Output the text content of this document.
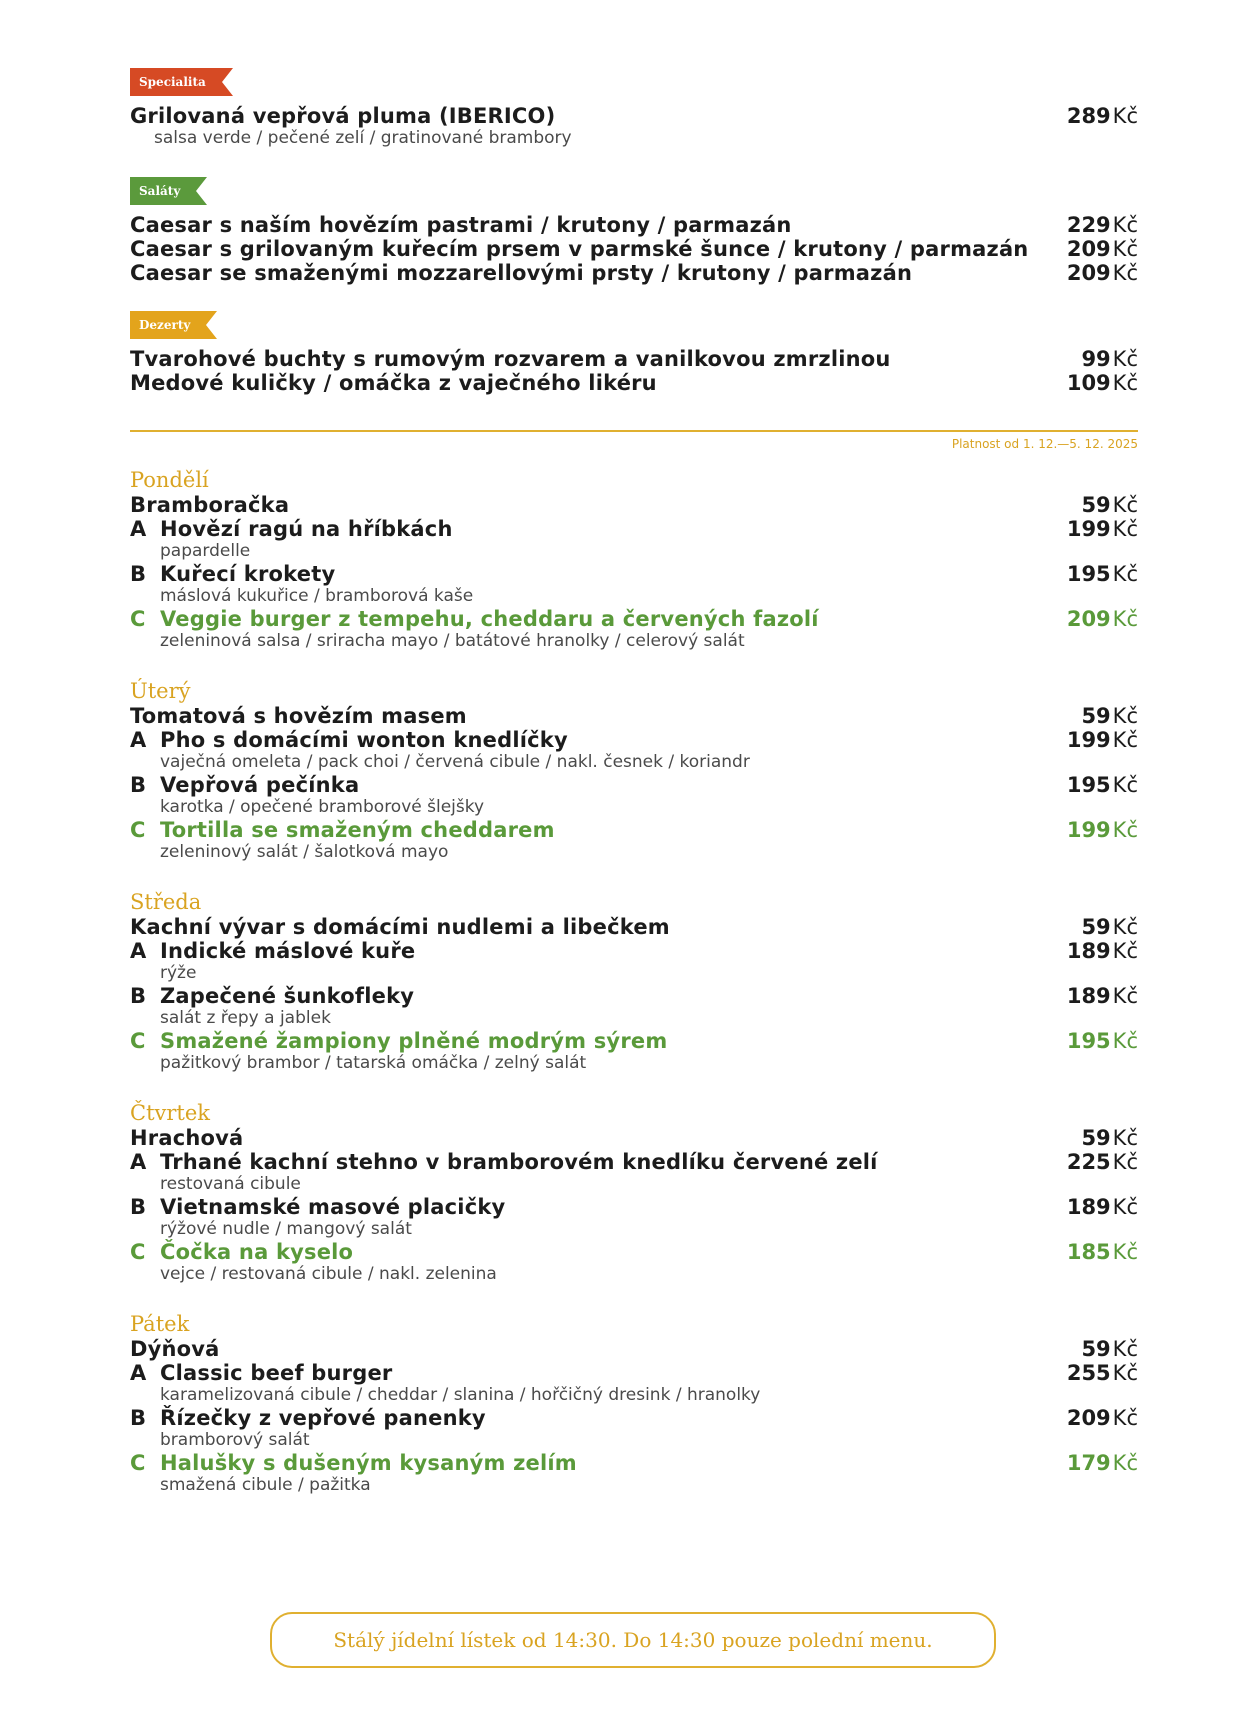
Specialita
Grilovaná vepřová pluma (IBERICO)	289Kč
salsa verde / pečené zelí / gratinované brambory
Saláty
Caesar s naším hovězím pastrami / krutony / parmazán	229Kč
Caesar s grilovaným kuřecím prsem v parmské šunce / krutony / parmazán 209Kč
Caesar se smaženými mozzarellovými prsty / krutony / parmazán	209Kč
Dezerty
Tvarohové buchty s rumovým rozvarem a vanilkovou zmrzlinou	99Kč
Medové kuličky / omáčka z vaječného likéru	109Kč
Platnost od 1. 12.—5. 12. 2025
Pondělí
Bramboračka	59Kč
A Hovězí ragú na hříbkách	199Kč
papardelle
B Kuřecí krokety	195Kč
máslová kukuřice / bramborová kaše
C Veggie burger z tempehu, cheddaru a červených fazolí	209Kč
zeleninová salsa / sriracha mayo / batátové hranolky / celerový salát
Úterý
Tomatová s hovězím masem	59Kč
A Pho s domácími wonton knedlíčky	199Kč
vaječná omeleta / pack choi / červená cibule / nakl. česnek / koriandr
B Vepřová pečínka	195Kč
karotka / opečené bramborové šlejšky
C Tortilla se smaženým cheddarem	199Kč
zeleninový salát / šalotková mayo
Středa
Kachní vývar s domácími nudlemi a libečkem	59Kč
A Indické máslové kuře	189Kč
rýže
B Zapečené šunkofleky	189Kč
salát z řepy a jablek
C Smažené žampiony plněné modrým sýrem	195Kč
pažitkový brambor / tatarská omáčka / zelný salát
Čtvrtek
Hrachová	59Kč
A Trhané kachní stehno v bramborovém knedlíku červené zelí	225Kč
restovaná cibule
B Vietnamské masové placičky	189Kč
rýžové nudle / mangový salát
C Čočka na kyselo	185Kč
vejce / restovaná cibule / nakl. zelenina
Pátek
Dýňová	59Kč
A Classic beef burger	255Kč
karamelizovaná cibule / cheddar / slanina / hořčičný dresink / hranolky
B Řízečky z vepřové panenky	209Kč
bramborový salát
C Halušky s dušeným kysaným zelím	179Kč
smažená cibule / pažitka
Stálý jídelní lístek od 14:30. Do 14:30 pouze polední menu.
